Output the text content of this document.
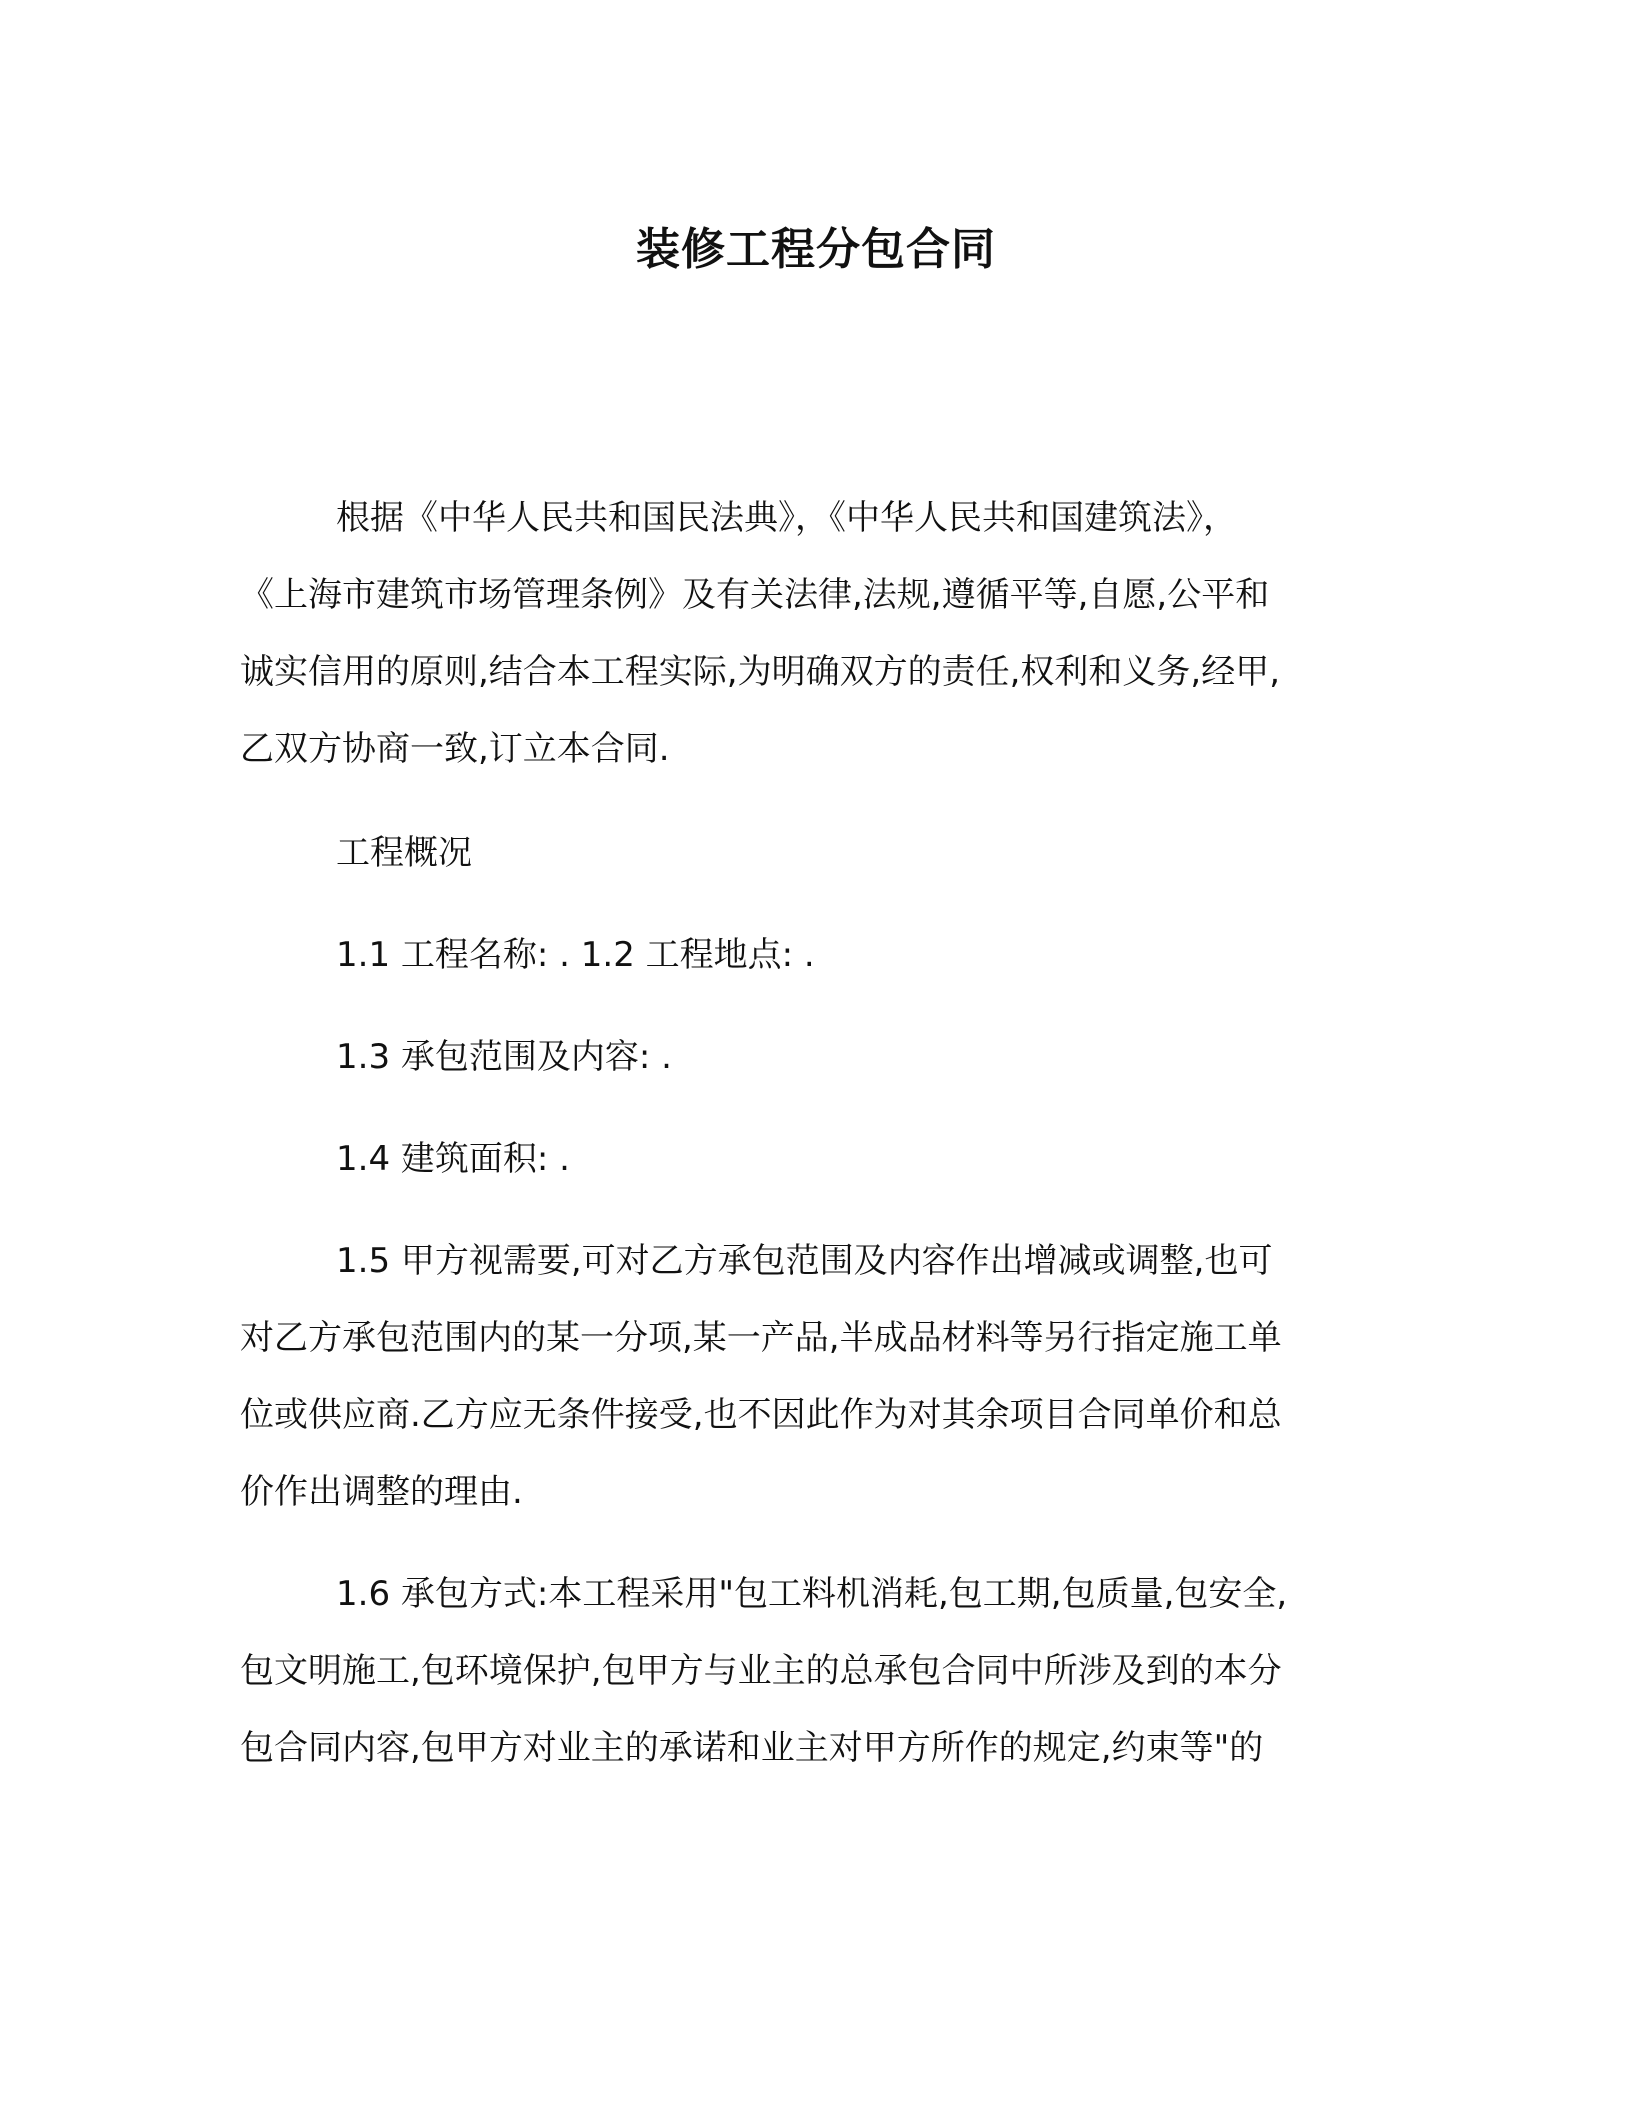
装修工程分包合同
根据《中华人民共和国民法典》，《中华人民共和国建筑法》，
《上海市建筑市场管理条例》及有关法律,法规,遵循平等,自愿,公平和
诚实信用的原则,结合本工程实际,为明确双方的责任,权利和义务,经甲,
乙双方协商一致,订立本合同.
工程概况
1.1 工程名称: . 1.2 工程地点: .
1.3 承包范围及内容: .
1.4 建筑面积: .
1.5 甲方视需要,可对乙方承包范围及内容作出增减或调整,也可
对乙方承包范围内的某一分项,某一产品,半成品材料等另行指定施工单
位或供应商.乙方应无条件接受,也不因此作为对其余项目合同单价和总
价作出调整的理由.
1.6 承包方式:本工程采用"包工料机消耗,包工期,包质量,包安全,
包文明施工,包环境保护,包甲方与业主的总承包合同中所涉及到的本分
包合同内容,包甲方对业主的承诺和业主对甲方所作的规定,约束等"的
